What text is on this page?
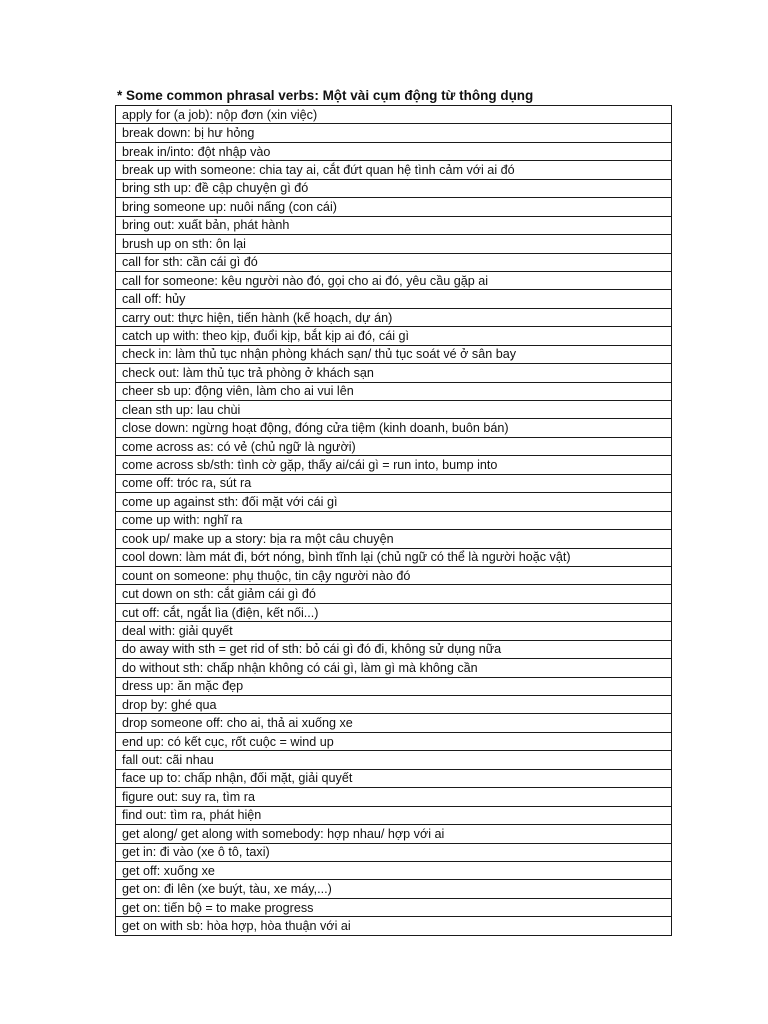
* Some common phrasal verbs: Một vài cụm động từ thông dụng
apply for (a job): nộp đơn (xin việc)
break down: bị hư hỏng
break in/into: đột nhập vào
break up with someone: chia tay ai, cắt đứt quan hệ tình cảm với ai đó
bring sth up: đề cập chuyện gì đó
bring someone up: nuôi nấng (con cái)
bring out: xuất bản, phát hành
brush up on sth: ôn lại
call for sth: cần cái gì đó
call for someone: kêu người nào đó, gọi cho ai đó, yêu cầu gặp ai
call off: hủy
carry out: thực hiện, tiến hành (kế hoạch, dự án)
catch up with: theo kịp, đuổi kịp, bắt kịp ai đó, cái gì
check in: làm thủ tục nhận phòng khách sạn/ thủ tục soát vé ở sân bay
check out: làm thủ tục trả phòng ở khách sạn
cheer sb up: động viên, làm cho ai vui lên
clean sth up: lau chùi
close down: ngừng hoạt động, đóng cửa tiệm (kinh doanh, buôn bán)
come across as: có vẻ (chủ ngữ là người)
come across sb/sth: tình cờ gặp, thấy ai/cái gì = run into, bump into
come off: tróc ra, sút ra
come up against sth: đối mặt với cái gì
come up with: nghĩ ra
cook up/ make up a story: bịa ra một câu chuyện
cool down: làm mát đi, bớt nóng, bình tĩnh lại (chủ ngữ có thể là người hoặc vật)
count on someone: phụ thuộc, tin cậy người nào đó
cut down on sth: cắt giảm cái gì đó
cut off: cắt, ngắt lìa (điện, kết nối...)
deal with: giải quyết
do away with sth = get rid of sth: bỏ cái gì đó đi, không sử dụng nữa
do without sth: chấp nhận không có cái gì, làm gì mà không cần
dress up: ăn mặc đẹp
drop by: ghé qua
drop someone off: cho ai, thả ai xuống xe
end up: có kết cục, rốt cuộc = wind up
fall out: cãi nhau
face up to: chấp nhận, đối mặt, giải quyết
figure out: suy ra, tìm ra
find out: tìm ra, phát hiện
get along/ get along with somebody: hợp nhau/ hợp với ai
get in: đi vào (xe ô tô, taxi)
get off: xuống xe
get on: đi lên (xe buýt, tàu, xe máy,...)
get on: tiến bộ = to make progress
get on with sb: hòa hợp, hòa thuận với ai
